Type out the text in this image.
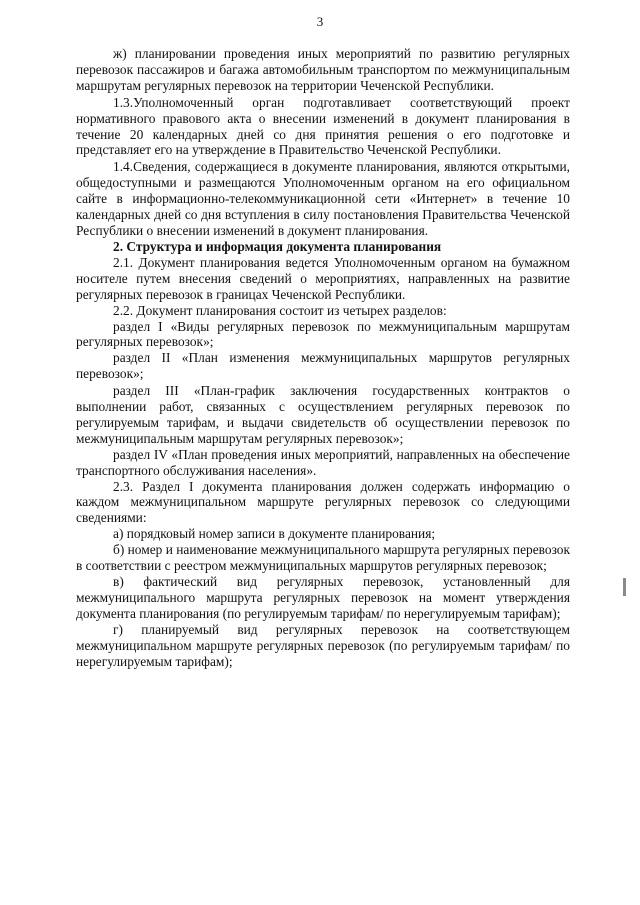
3

ж) планировании проведения иных мероприятий по развитию регулярных перевозок пассажиров и багажа автомобильным транспортом по межмуниципальным маршрутам регулярных перевозок на территории Чеченской Республики.

1.3.Уполномоченный орган подготавливает соответствующий проект нормативного правового акта о внесении изменений в документ планирования в течение 20 календарных дней со дня принятия решения о его подготовке и представляет его на утверждение в Правительство Чеченской Республики.

1.4.Сведения, содержащиеся в документе планирования, являются открытыми, общедоступными и размещаются Уполномоченным органом на его официальном сайте в информационно-телекоммуникационной сети «Интернет» в течение 10 календарных дней со дня вступления в силу постановления Правительства Чеченской Республики о внесении изменений в документ планирования.

2. Структура и информация документа планирования

2.1. Документ планирования ведется Уполномоченным органом на бумажном носителе путем внесения сведений о мероприятиях, направленных на развитие регулярных перевозок в границах Чеченской Республики.

2.2. Документ планирования состоит из четырех разделов:

раздел I «Виды регулярных перевозок по межмуниципальным маршрутам регулярных перевозок»;

раздел II «План изменения межмуниципальных маршрутов регулярных перевозок»;

раздел III «План-график заключения государственных контрактов о выполнении работ, связанных с осуществлением регулярных перевозок по регулируемым тарифам, и выдачи свидетельств об осуществлении перевозок по межмуниципальным маршрутам регулярных перевозок»;

раздел IV «План проведения иных мероприятий, направленных на обеспечение транспортного обслуживания населения».

2.3. Раздел I документа планирования должен содержать информацию о каждом межмуниципальном маршруте регулярных перевозок со следующими сведениями:

а) порядковый номер записи в документе планирования;

б) номер и наименование межмуниципального маршрута регулярных перевозок в соответствии с реестром межмуниципальных маршрутов регулярных перевозок;

в) фактический вид регулярных перевозок, установленный для межмуниципального маршрута регулярных перевозок на момент утверждения документа планирования (по регулируемым тарифам/ по нерегулируемым тарифам);

г) планируемый вид регулярных перевозок на соответствующем межмуниципальном маршруте регулярных перевозок (по регулируемым тарифам/ по нерегулируемым тарифам);
